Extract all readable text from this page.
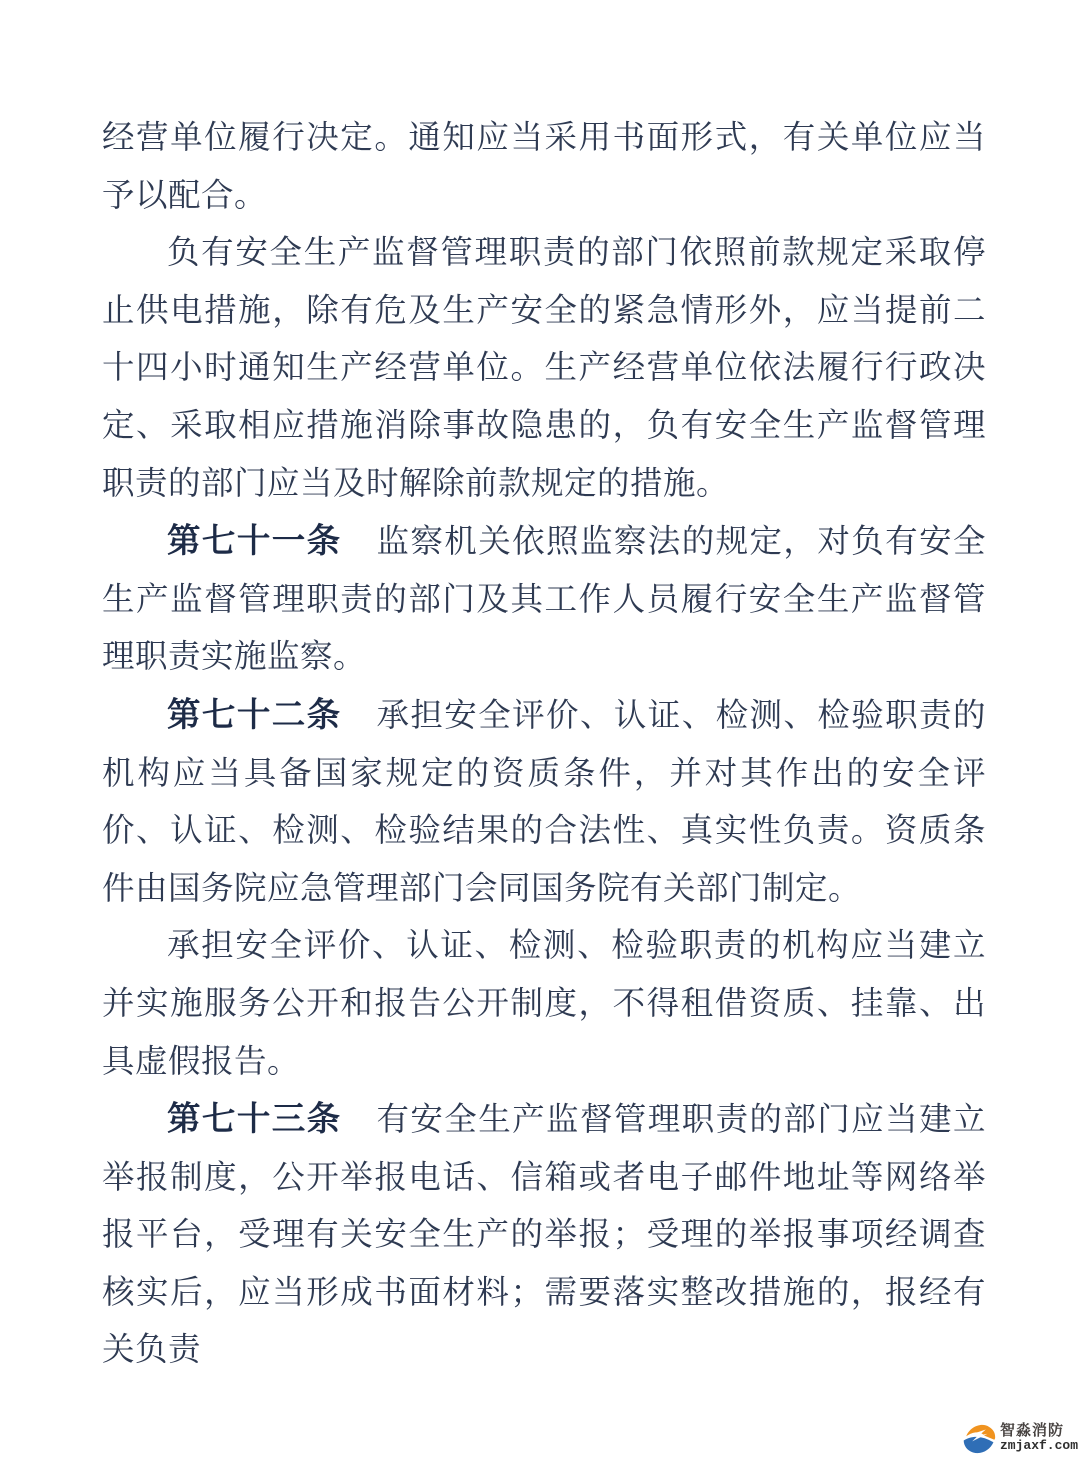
经营单位履行决定。通知应当采用书面形式，有关单位应当予以配合。

负有安全生产监督管理职责的部门依照前款规定采取停止供电措施，除有危及生产安全的紧急情形外，应当提前二十四小时通知生产经营单位。生产经营单位依法履行行政决定、采取相应措施消除事故隐患的，负有安全生产监督管理职责的部门应当及时解除前款规定的措施。

第七十一条 监察机关依照监察法的规定，对负有安全生产监督管理职责的部门及其工作人员履行安全生产监督管理职责实施监察。

第七十二条 承担安全评价、认证、检测、检验职责的机构应当具备国家规定的资质条件，并对其作出的安全评价、认证、检测、检验结果的合法性、真实性负责。资质条件由国务院应急管理部门会同国务院有关部门制定。

承担安全评价、认证、检测、检验职责的机构应当建立并实施服务公开和报告公开制度，不得租借资质、挂靠、出具虚假报告。

第七十三条 有安全生产监督管理职责的部门应当建立举报制度，公开举报电话、信箱或者电子邮件地址等网络举报平台，受理有关安全生产的举报；受理的举报事项经调查核实后，应当形成书面材料；需要落实整改措施的，报经有关负责

智淼消防
zmjaxf.com
